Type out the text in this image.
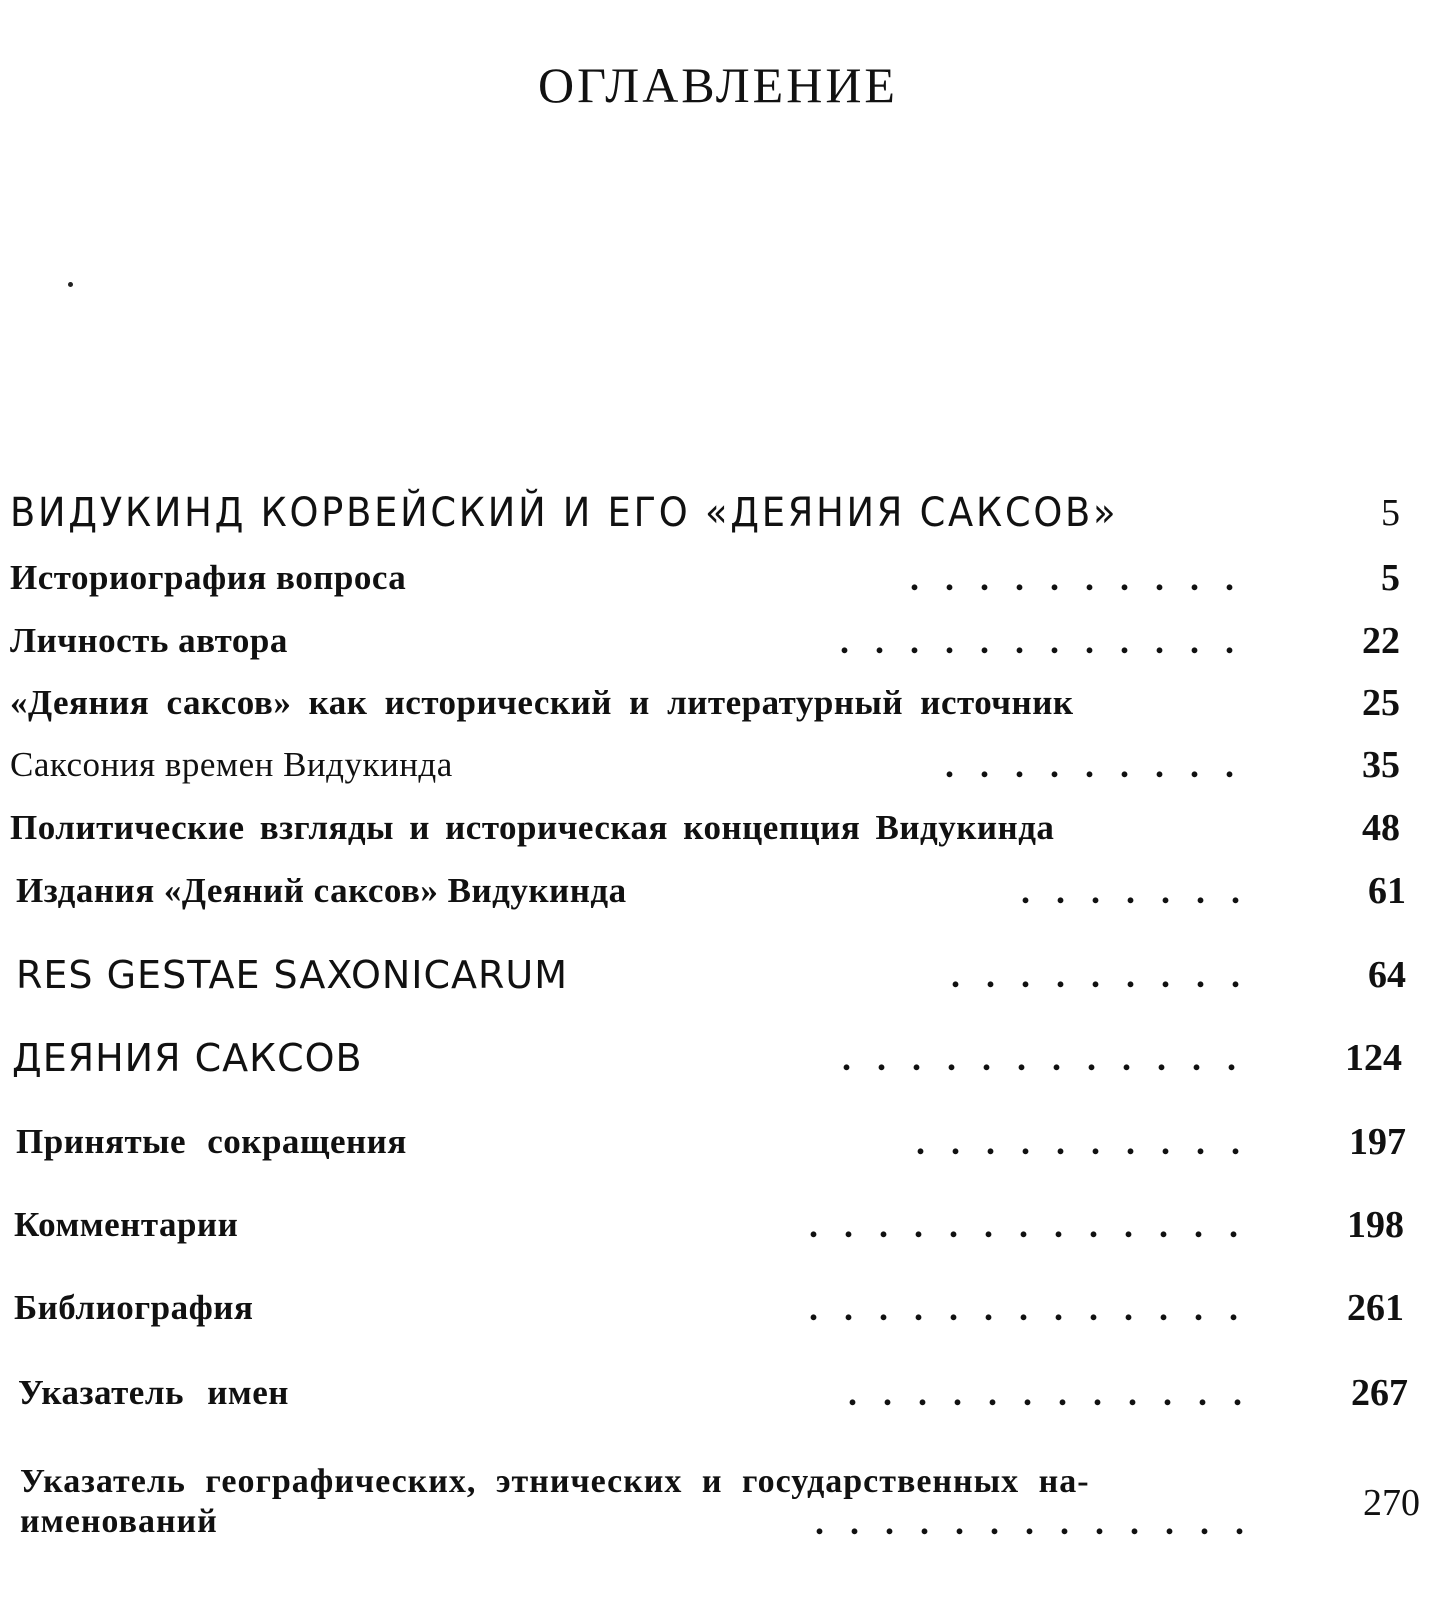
ОГЛАВЛЕНИЕ
ВИДУКИНД КОРВЕЙСКИЙ И ЕГО «ДЕЯНИЯ САКСОВ»	5
Историография вопроса	..........	5
Личность автора	............	22
«Деяния саксов» как исторический и литературный источник	25
Саксония времен Видукинда	.........	35
Политические взгляды и историческая концепция Видукинда	48
Издания «Деяний саксов» Видукинда	.......	61
RES GESTAE SAXONICARUM	.........	64
ДЕЯНИЯ САКСОВ	............	124
Принятые сокращения	..........	197
Комментарии	.............	198
Библиография	.............	261
Указатель имен	............	267
Указатель географических, этнических и государственных на-
именований	.............	270
